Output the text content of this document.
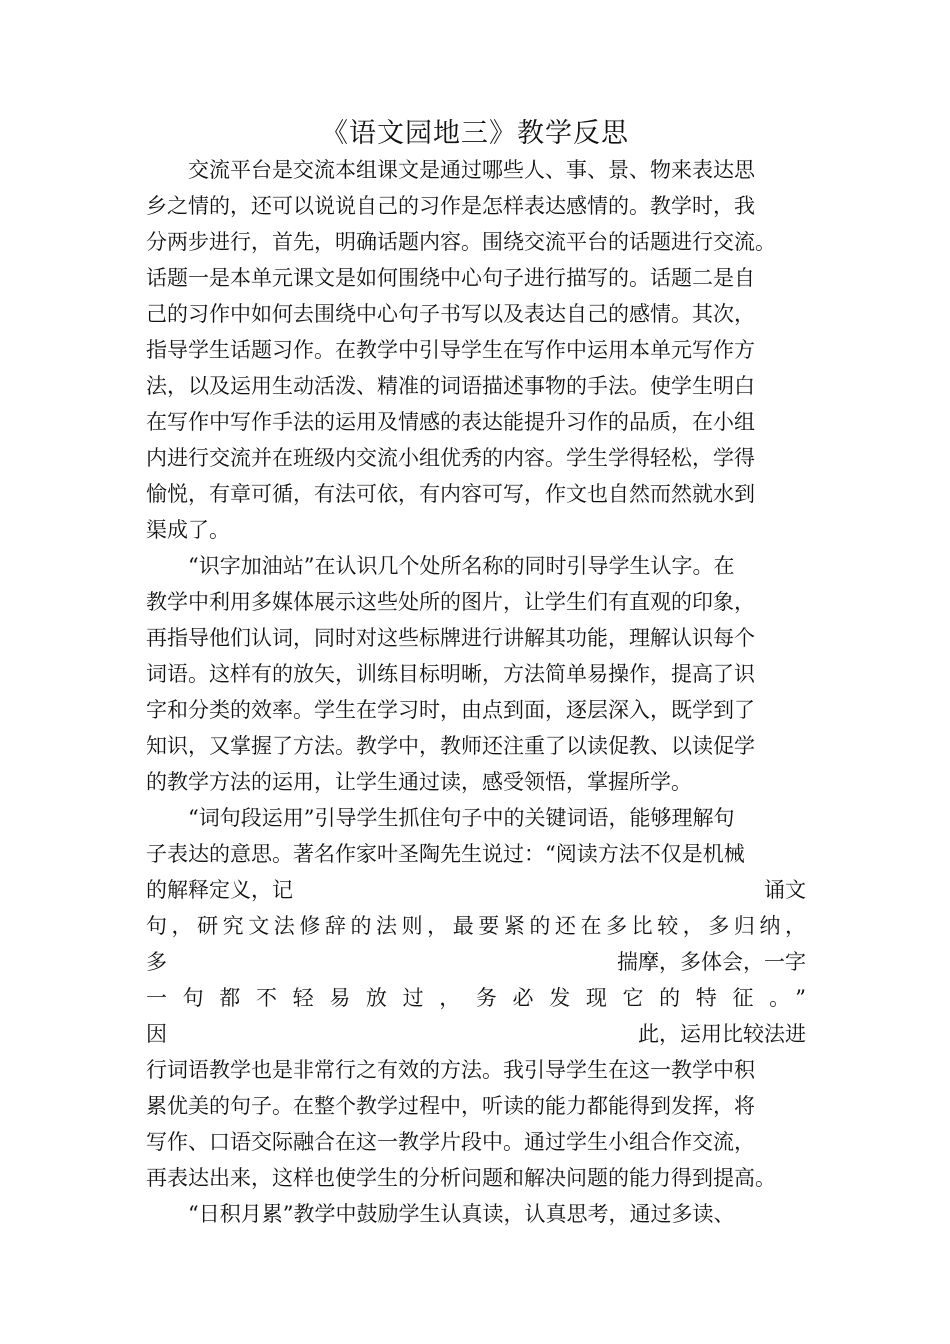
《语文园地三》教学反思
交流平台是交流本组课文是通过哪些人、事、景、物来表达思
乡之情的，还可以说说自己的习作是怎样表达感情的。教学时，我
分两步进行，首先，明确话题内容。围绕交流平台的话题进行交流。
话题一是本单元课文是如何围绕中心句子进行描写的。话题二是自
己的习作中如何去围绕中心句子书写以及表达自己的感情。其次，
指导学生话题习作。在教学中引导学生在写作中运用本单元写作方
法，以及运用生动活泼、精准的词语描述事物的手法。使学生明白
在写作中写作手法的运用及情感的表达能提升习作的品质，在小组
内进行交流并在班级内交流小组优秀的内容。学生学得轻松，学得
愉悦，有章可循，有法可依，有内容可写，作文也自然而然就水到
渠成了。
“识字加油站”在认识几个处所名称的同时引导学生认字。在
教学中利用多媒体展示这些处所的图片，让学生们有直观的印象，
再指导他们认词，同时对这些标牌进行讲解其功能，理解认识每个
词语。这样有的放矢，训练目标明晰，方法简单易操作，提高了识
字和分类的效率。学生在学习时，由点到面，逐层深入，既学到了
知识，又掌握了方法。教学中，教师还注重了以读促教、以读促学
的教学方法的运用，让学生通过读，感受领悟，掌握所学。
“词句段运用”引导学生抓住句子中的关键词语，能够理解句
子表达的意思。著名作家叶圣陶先生说过：“阅读方法不仅是机械
的解释定义，记	诵文
句，研究文法修辞的法则，最要紧的还在多比较，多归纳，
多	揣摩，多体会，一字
一句都不轻易放过，务必发现它的特征。”
因	此，运用比较法进
行词语教学也是非常行之有效的方法。我引导学生在这一教学中积
累优美的句子。在整个教学过程中，听读的能力都能得到发挥，将
写作、口语交际融合在这一教学片段中。通过学生小组合作交流，
再表达出来，这样也使学生的分析问题和解决问题的能力得到提高。
“日积月累”教学中鼓励学生认真读，认真思考，通过多读、
